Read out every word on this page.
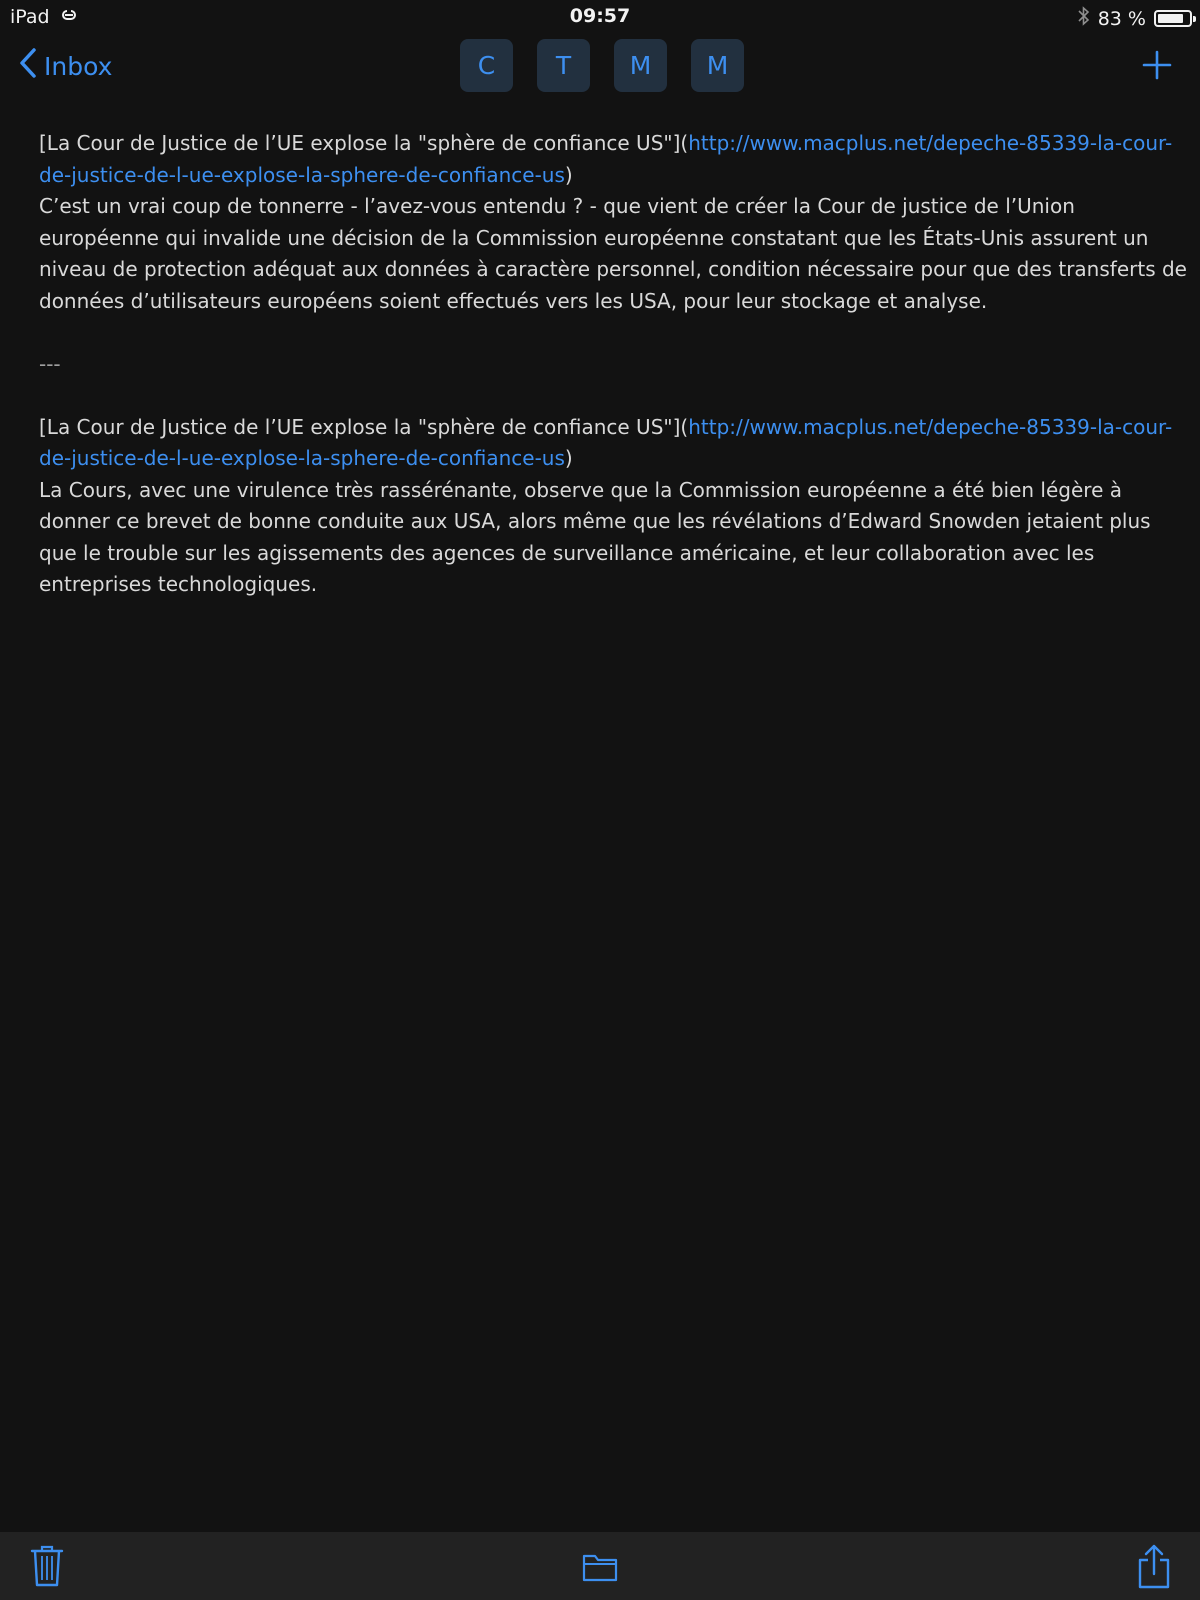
iPad	09:57	83 %
Inbox	C	T	M	M

[La Cour de Justice de l’UE explose la "sphère de confiance US"](http://www.macplus.net/depeche-85339-la-cour-de-justice-de-l-ue-explose-la-sphere-de-confiance-us)

C’est un vrai coup de tonnerre - l’avez-vous entendu ? - que vient de créer la Cour de justice de l’Union européenne qui invalide une décision de la Commission européenne constatant que les États-Unis assurent un niveau de protection adéquat aux données à caractère personnel, condition nécessaire pour que des transferts de données d’utilisateurs européens soient effectués vers les USA, pour leur stockage et analyse.

---

[La Cour de Justice de l’UE explose la "sphère de confiance US"](http://www.macplus.net/depeche-85339-la-cour-de-justice-de-l-ue-explose-la-sphere-de-confiance-us)

La Cours, avec une virulence très rassérénante, observe que la Commission européenne a été bien légère à donner ce brevet de bonne conduite aux USA, alors même que les révélations d’Edward Snowden jetaient plus que le trouble sur les agissements des agences de surveillance américaine, et leur collaboration avec les entreprises technologiques.
